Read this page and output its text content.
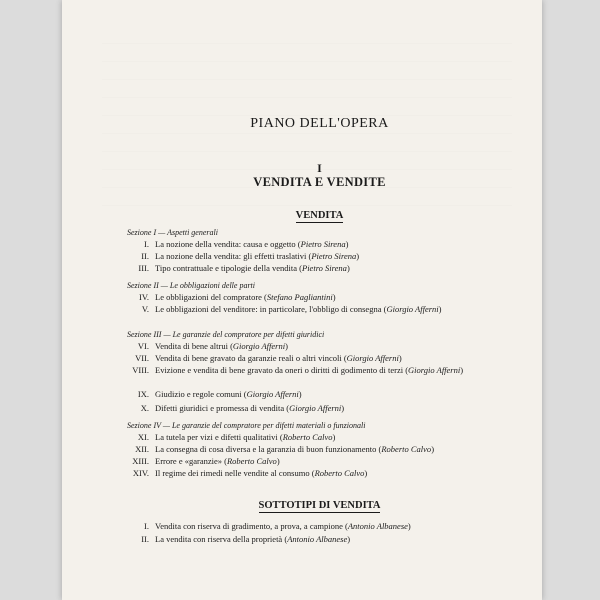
PIANO DELL'OPERA
I
VENDITA E VENDITE
VENDITA
Sezione I — Aspetti generali
I. La nozione della vendita: causa e oggetto (Pietro Sirena)
II. La nozione della vendita: gli effetti traslativi (Pietro Sirena)
III. Tipo contrattuale e tipologie della vendita (Pietro Sirena)
Sezione II — Le obbligazioni delle parti
IV. Le obbligazioni del compratore (Stefano Pagliantini)
V. Le obbligazioni del venditore: in particolare, l'obbligo di consegna (Giorgio Afferni)
Sezione III — Le garanzie del compratore per difetti giuridici
VI. Vendita di bene altrui (Giorgio Afferni)
VII. Vendita di bene gravato da garanzie reali o altri vincoli (Giorgio Afferni)
VIII. Evizione e vendita di bene gravato da oneri o diritti di godimento di terzi (Giorgio Afferni)
IX. Giudizio e regole comuni (Giorgio Afferni)
X. Difetti giuridici e promessa di vendita (Giorgio Afferni)
Sezione IV — Le garanzie del compratore per difetti materiali o funzionali
XI. La tutela per vizi e difetti qualitativi (Roberto Calvo)
XII. La consegna di cosa diversa e la garanzia di buon funzionamento (Roberto Calvo)
XIII. Errore e «garanzie» (Roberto Calvo)
XIV. Il regime dei rimedi nelle vendite al consumo (Roberto Calvo)
SOTTOTIPI DI VENDITA
I. Vendita con riserva di gradimento, a prova, a campione (Antonio Albanese)
II. La vendita con riserva della proprietà (Antonio Albanese)
